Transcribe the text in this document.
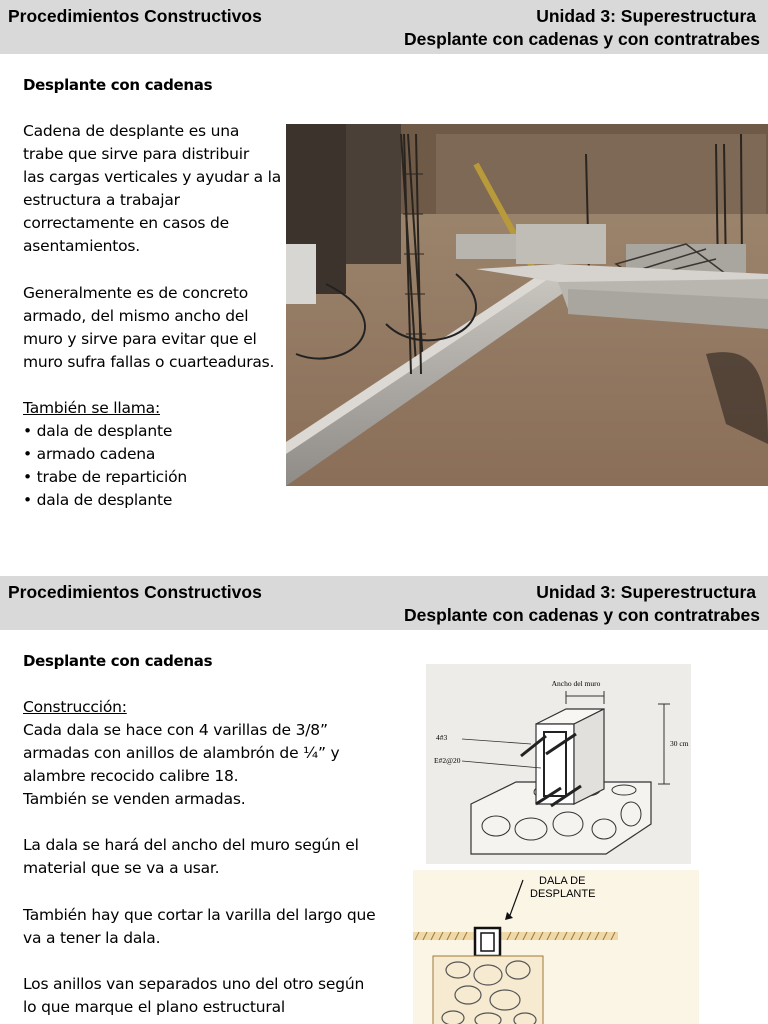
Procedimientos Constructivos	Unidad 3: Superestructura
Desplante con cadenas y con contratrabes
Desplante con cadenas

Cadena de desplante es una

trabe que sirve para distribuir

las cargas verticales y ayudar a la

estructura a trabajar

correctamente en casos de

asentamientos.

Generalmente es de concreto

armado, del mismo ancho del

muro y sirve para evitar que el

muro sufra fallas o cuarteaduras.

También se llama:

• dala de desplante

• armado cadena

• trabe de repartición

• dala de desplante

Procedimientos Constructivos	Unidad 3: Superestructura
Desplante con cadenas y con contratrabes
Desplante con cadenas

Construcción:

Cada dala se hace con 4 varillas de 3/8”

armadas con anillos de alambrón de ¼” y

alambre recocido calibre 18.

También se venden armadas.

La dala se hará del ancho del muro según el

material que se va a usar.

También hay que cortar la varilla del largo que

va a tener la dala.

Los anillos van separados uno del otro según

lo que marque el plano estructural

Ancho del muro
4#3
E#2@20
30 cm
DALA DE
DESPLANTE
